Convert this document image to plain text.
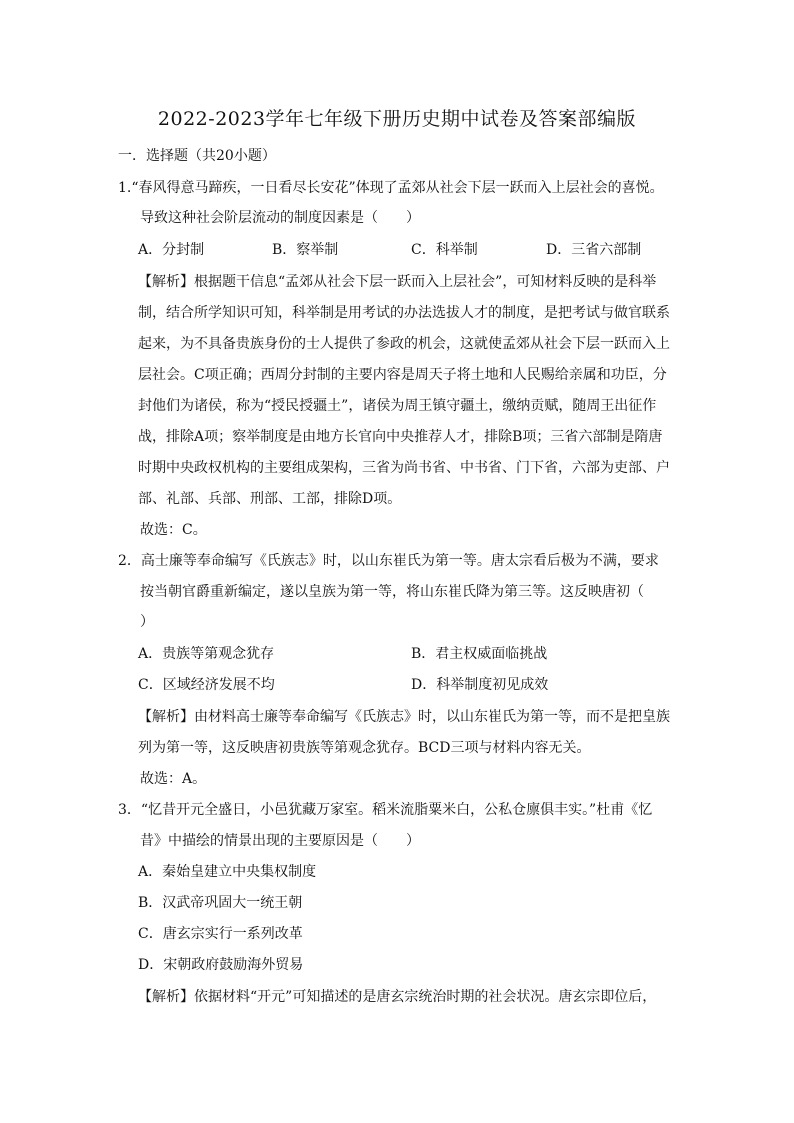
2022-2023学年七年级下册历史期中试卷及答案部编版
一．选择题（共20小题）
1.“春风得意马蹄疾，一日看尽长安花”体现了孟郊从社会下层一跃而入上层社会的喜悦。
导致这种社会阶层流动的制度因素是（　　）
A．分封制	B．察举制	C．科举制	D．三省六部制
【解析】根据题干信息“孟郊从社会下层一跃而入上层社会”，可知材料反映的是科举
制，结合所学知识可知，科举制是用考试的办法选拔人才的制度，是把考试与做官联系
起来，为不具备贵族身份的士人提供了参政的机会，这就使孟郊从社会下层一跃而入上
层社会。C项正确；西周分封制的主要内容是周天子将土地和人民赐给亲属和功臣，分
封他们为诸侯，称为“授民授疆土”，诸侯为周王镇守疆土，缴纳贡赋，随周王出征作
战，排除A项；察举制度是由地方长官向中央推荐人才，排除B项；三省六部制是隋唐
时期中央政权机构的主要组成架构，三省为尚书省、中书省、门下省，六部为吏部、户
部、礼部、兵部、刑部、工部，排除D项。
故选：C。
2．高士廉等奉命编写《氏族志》时，以山东崔氏为第一等。唐太宗看后极为不满，要求
按当朝官爵重新编定，遂以皇族为第一等，将山东崔氏降为第三等。这反映唐初（
）
A．贵族等第观念犹存	B．君主权威面临挑战
C．区域经济发展不均	D．科举制度初见成效
【解析】由材料高士廉等奉命编写《氏族志》时，以山东崔氏为第一等，而不是把皇族
列为第一等，这反映唐初贵族等第观念犹存。BCD三项与材料内容无关。
故选：A。
3．“忆昔开元全盛日，小邑犹藏万家室。稻米流脂粟米白，公私仓廪俱丰实。”杜甫《忆
昔》中描绘的情景出现的主要原因是（　　）
A．秦始皇建立中央集权制度
B．汉武帝巩固大一统王朝
C．唐玄宗实行一系列改革
D．宋朝政府鼓励海外贸易
【解析】依据材料“开元”可知描述的是唐玄宗统治时期的社会状况。唐玄宗即位后，
